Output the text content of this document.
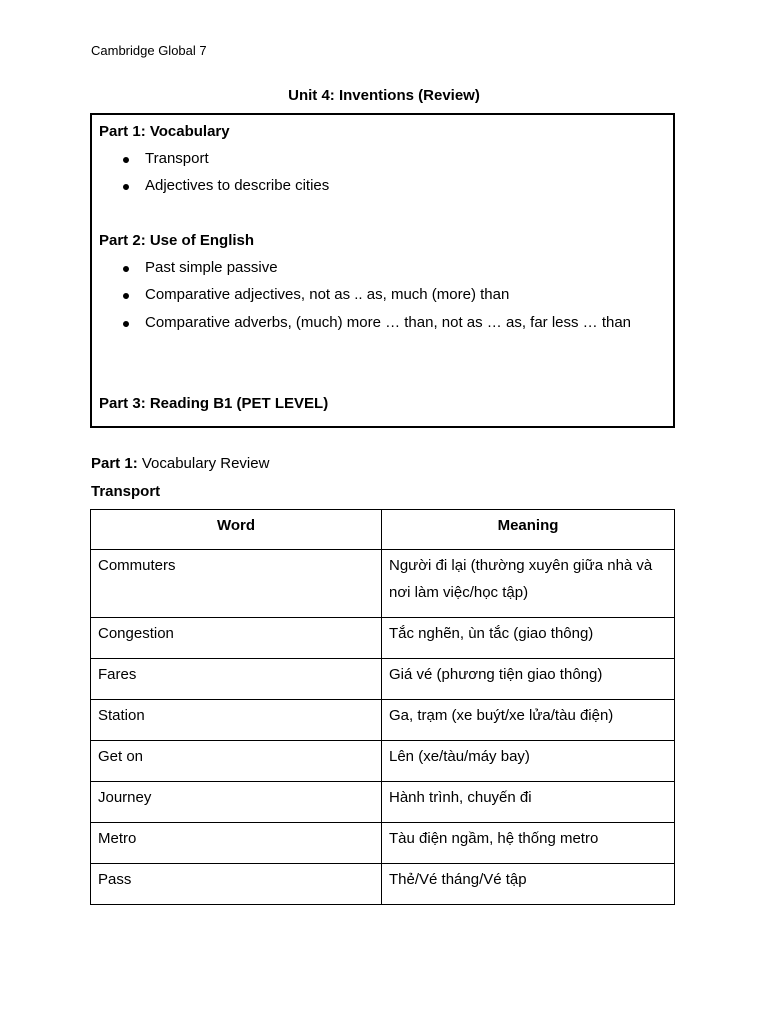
Cambridge Global 7
Unit 4: Inventions (Review)
Part 1: Vocabulary
Transport
Adjectives to describe cities
Part 2: Use of English
Past simple passive
Comparative adjectives, not as .. as, much (more) than
Comparative adverbs, (much) more … than, not as … as, far less … than
Part 3: Reading B1 (PET LEVEL)
Part 1: Vocabulary Review
Transport
Word	Meaning

Commuters	Người đi lại (thường xuyên giữa nhà và nơi làm việc/học tập)

Congestion	Tắc nghẽn, ùn tắc (giao thông)

Fares	Giá vé (phương tiện giao thông)

Station	Ga, trạm (xe buýt/xe lửa/tàu điện)

Get on	Lên (xe/tàu/máy bay)

Journey	Hành trình, chuyến đi

Metro	Tàu điện ngầm, hệ thống metro

Pass	Thẻ/Vé tháng/Vé tập
